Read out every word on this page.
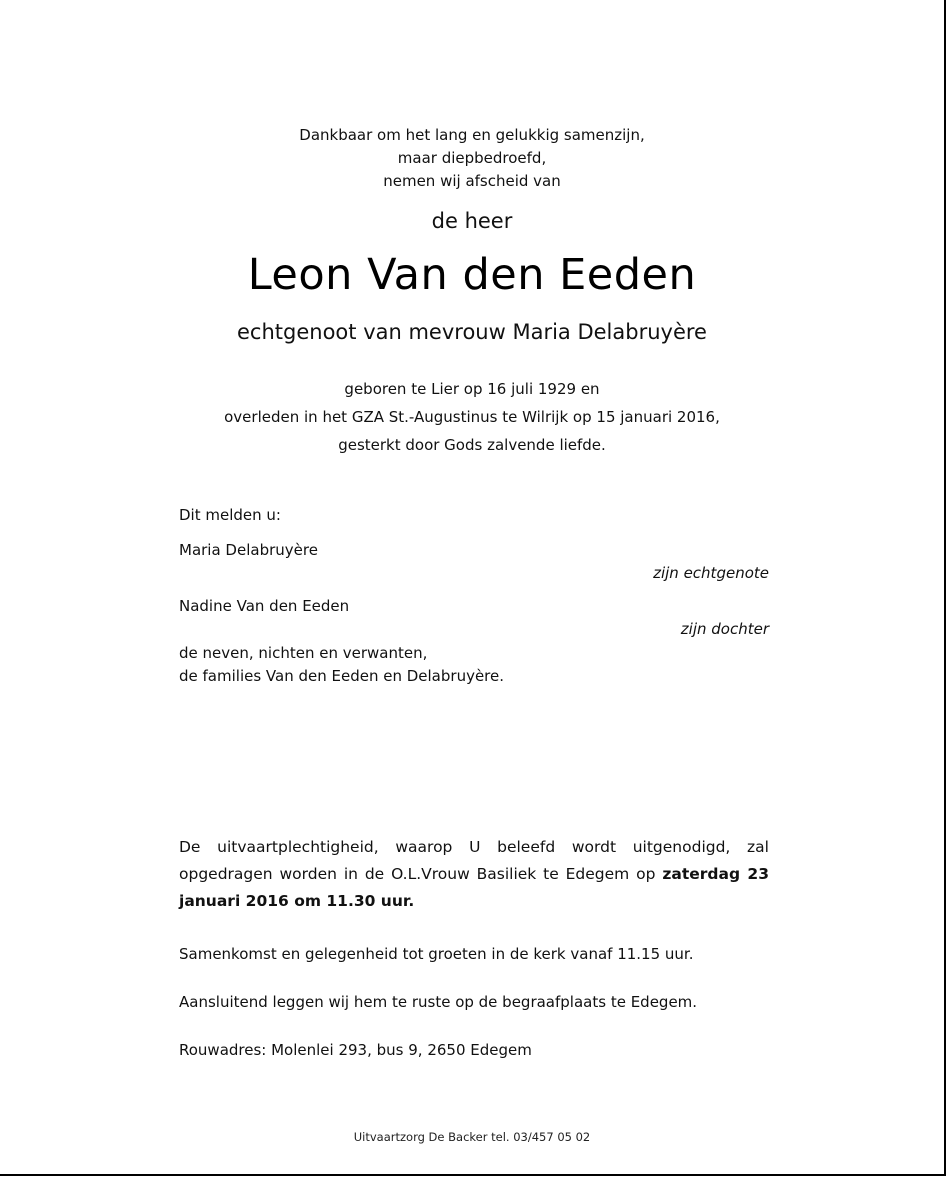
Dankbaar om het lang en gelukkig samenzijn,
maar diepbedroefd,
nemen wij afscheid van
de heer
Leon Van den Eeden
echtgenoot van mevrouw Maria Delabruyère
geboren te Lier op 16 juli 1929 en
overleden in het GZA St.-Augustinus te Wilrijk op 15 januari 2016,
gesterkt door Gods zalvende liefde.
Dit melden u:
Maria Delabruyère
zijn echtgenote
Nadine Van den Eeden
zijn dochter
de neven, nichten en verwanten,
de families Van den Eeden en Delabruyère.
De uitvaartplechtigheid, waarop U beleefd wordt uitgenodigd, zal opgedragen worden in de O.L.Vrouw Basiliek te Edegem op zaterdag 23 januari 2016 om 11.30 uur.
Samenkomst en gelegenheid tot groeten in de kerk vanaf 11.15 uur.
Aansluitend leggen wij hem te ruste op de begraafplaats te Edegem.
Rouwadres: Molenlei 293, bus 9, 2650 Edegem
Uitvaartzorg De Backer tel. 03/457 05 02
